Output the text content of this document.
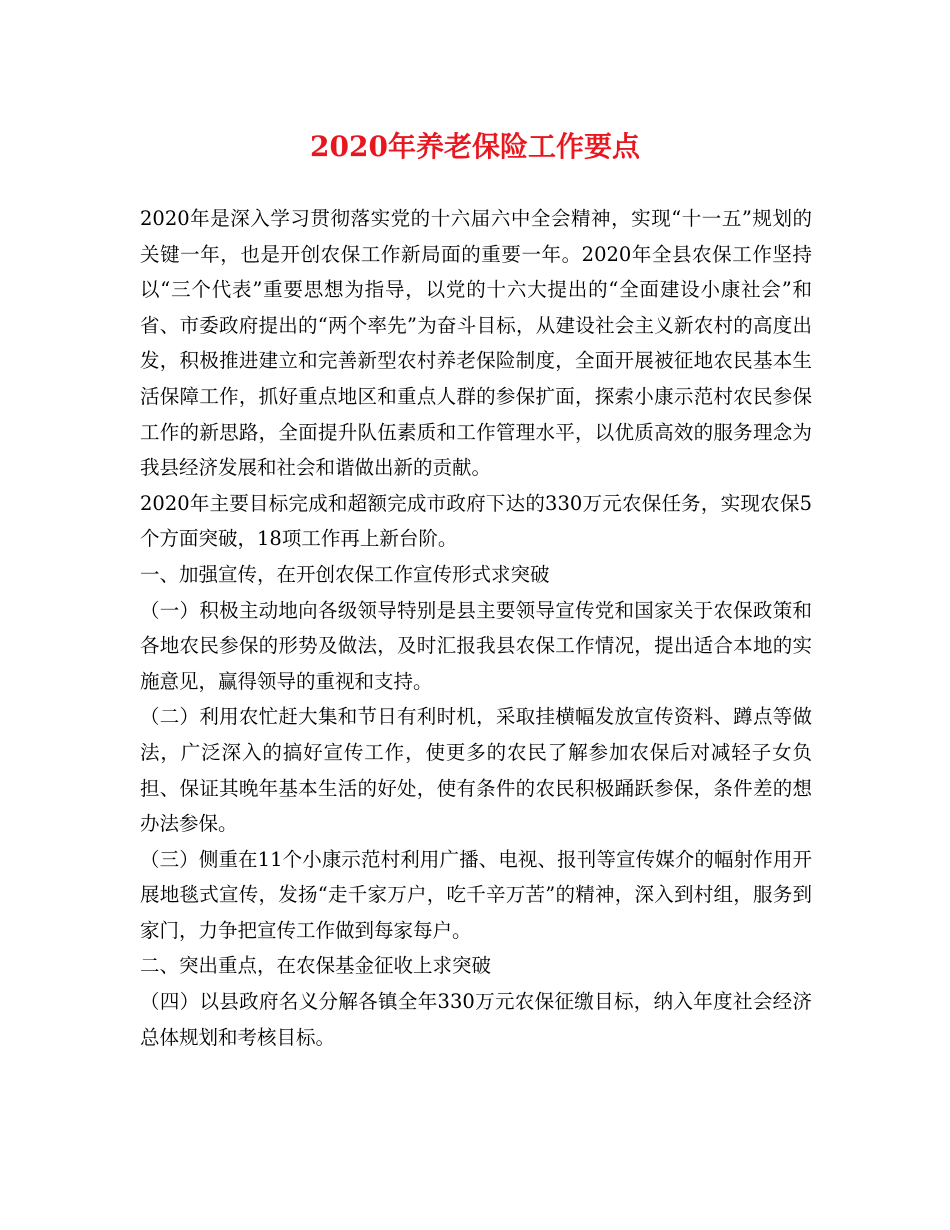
2020年养老保险工作要点

2020年是深入学习贯彻落实党的十六届六中全会精神，实现“十一五”规划的关键一年，也是开创农保工作新局面的重要一年。2020年全县农保工作坚持以“三个代表”重要思想为指导，以党的十六大提出的“全面建设小康社会”和省、市委政府提出的“两个率先”为奋斗目标，从建设社会主义新农村的高度出发，积极推进建立和完善新型农村养老保险制度，全面开展被征地农民基本生活保障工作，抓好重点地区和重点人群的参保扩面，探索小康示范村农民参保工作的新思路，全面提升队伍素质和工作管理水平，以优质高效的服务理念为我县经济发展和社会和谐做出新的贡献。

2020年主要目标完成和超额完成市政府下达的330万元农保任务，实现农保5个方面突破，18项工作再上新台阶。

一、加强宣传，在开创农保工作宣传形式求突破

（一）积极主动地向各级领导特别是县主要领导宣传党和国家关于农保政策和各地农民参保的形势及做法，及时汇报我县农保工作情况，提出适合本地的实施意见，赢得领导的重视和支持。

（二）利用农忙赶大集和节日有利时机，采取挂横幅发放宣传资料、蹲点等做法，广泛深入的搞好宣传工作，使更多的农民了解参加农保后对减轻子女负担、保证其晚年基本生活的好处，使有条件的农民积极踊跃参保，条件差的想办法参保。

（三）侧重在11个小康示范村利用广播、电视、报刊等宣传媒介的幅射作用开展地毯式宣传，发扬“走千家万户，吃千辛万苦”的精神，深入到村组，服务到家门，力争把宣传工作做到每家每户。

二、突出重点，在农保基金征收上求突破

（四）以县政府名义分解各镇全年330万元农保征缴目标，纳入年度社会经济总体规划和考核目标。
